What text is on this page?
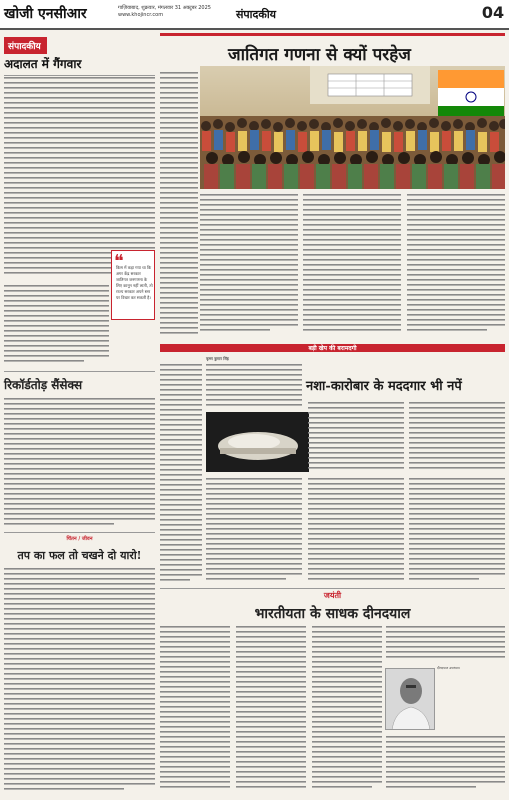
खोजी एनसीआर	गाज़ियाबाद, शुक्रवार, मंगलवार 31 अक्टूबर 2025
www.khojincr.com	संपादकीय	04
संपादकीय
अदालत में गैंगवार
❝
किस में कहा गया था कि अगर केंद्र सरकार जातिगत जनगणना के लिए कानून नहीं लाती, तो राज्य सरकार अपने स्तर पर विचार कर सकती है।
जातिगत गणना से क्यों परहेज
बड़ी खेप की बरामदगी
रिकॉर्डतोड़ सैंसेक्स
चिंतन / जीवन
तप का फल तो चखने दो यारो!
नशा-कारोबार के मददगार भी नपें
कृष्ण कुमार सिंह
जयंती
भारतीयता के साधक दीनदयाल
दीनदयाल उपाध्याय
